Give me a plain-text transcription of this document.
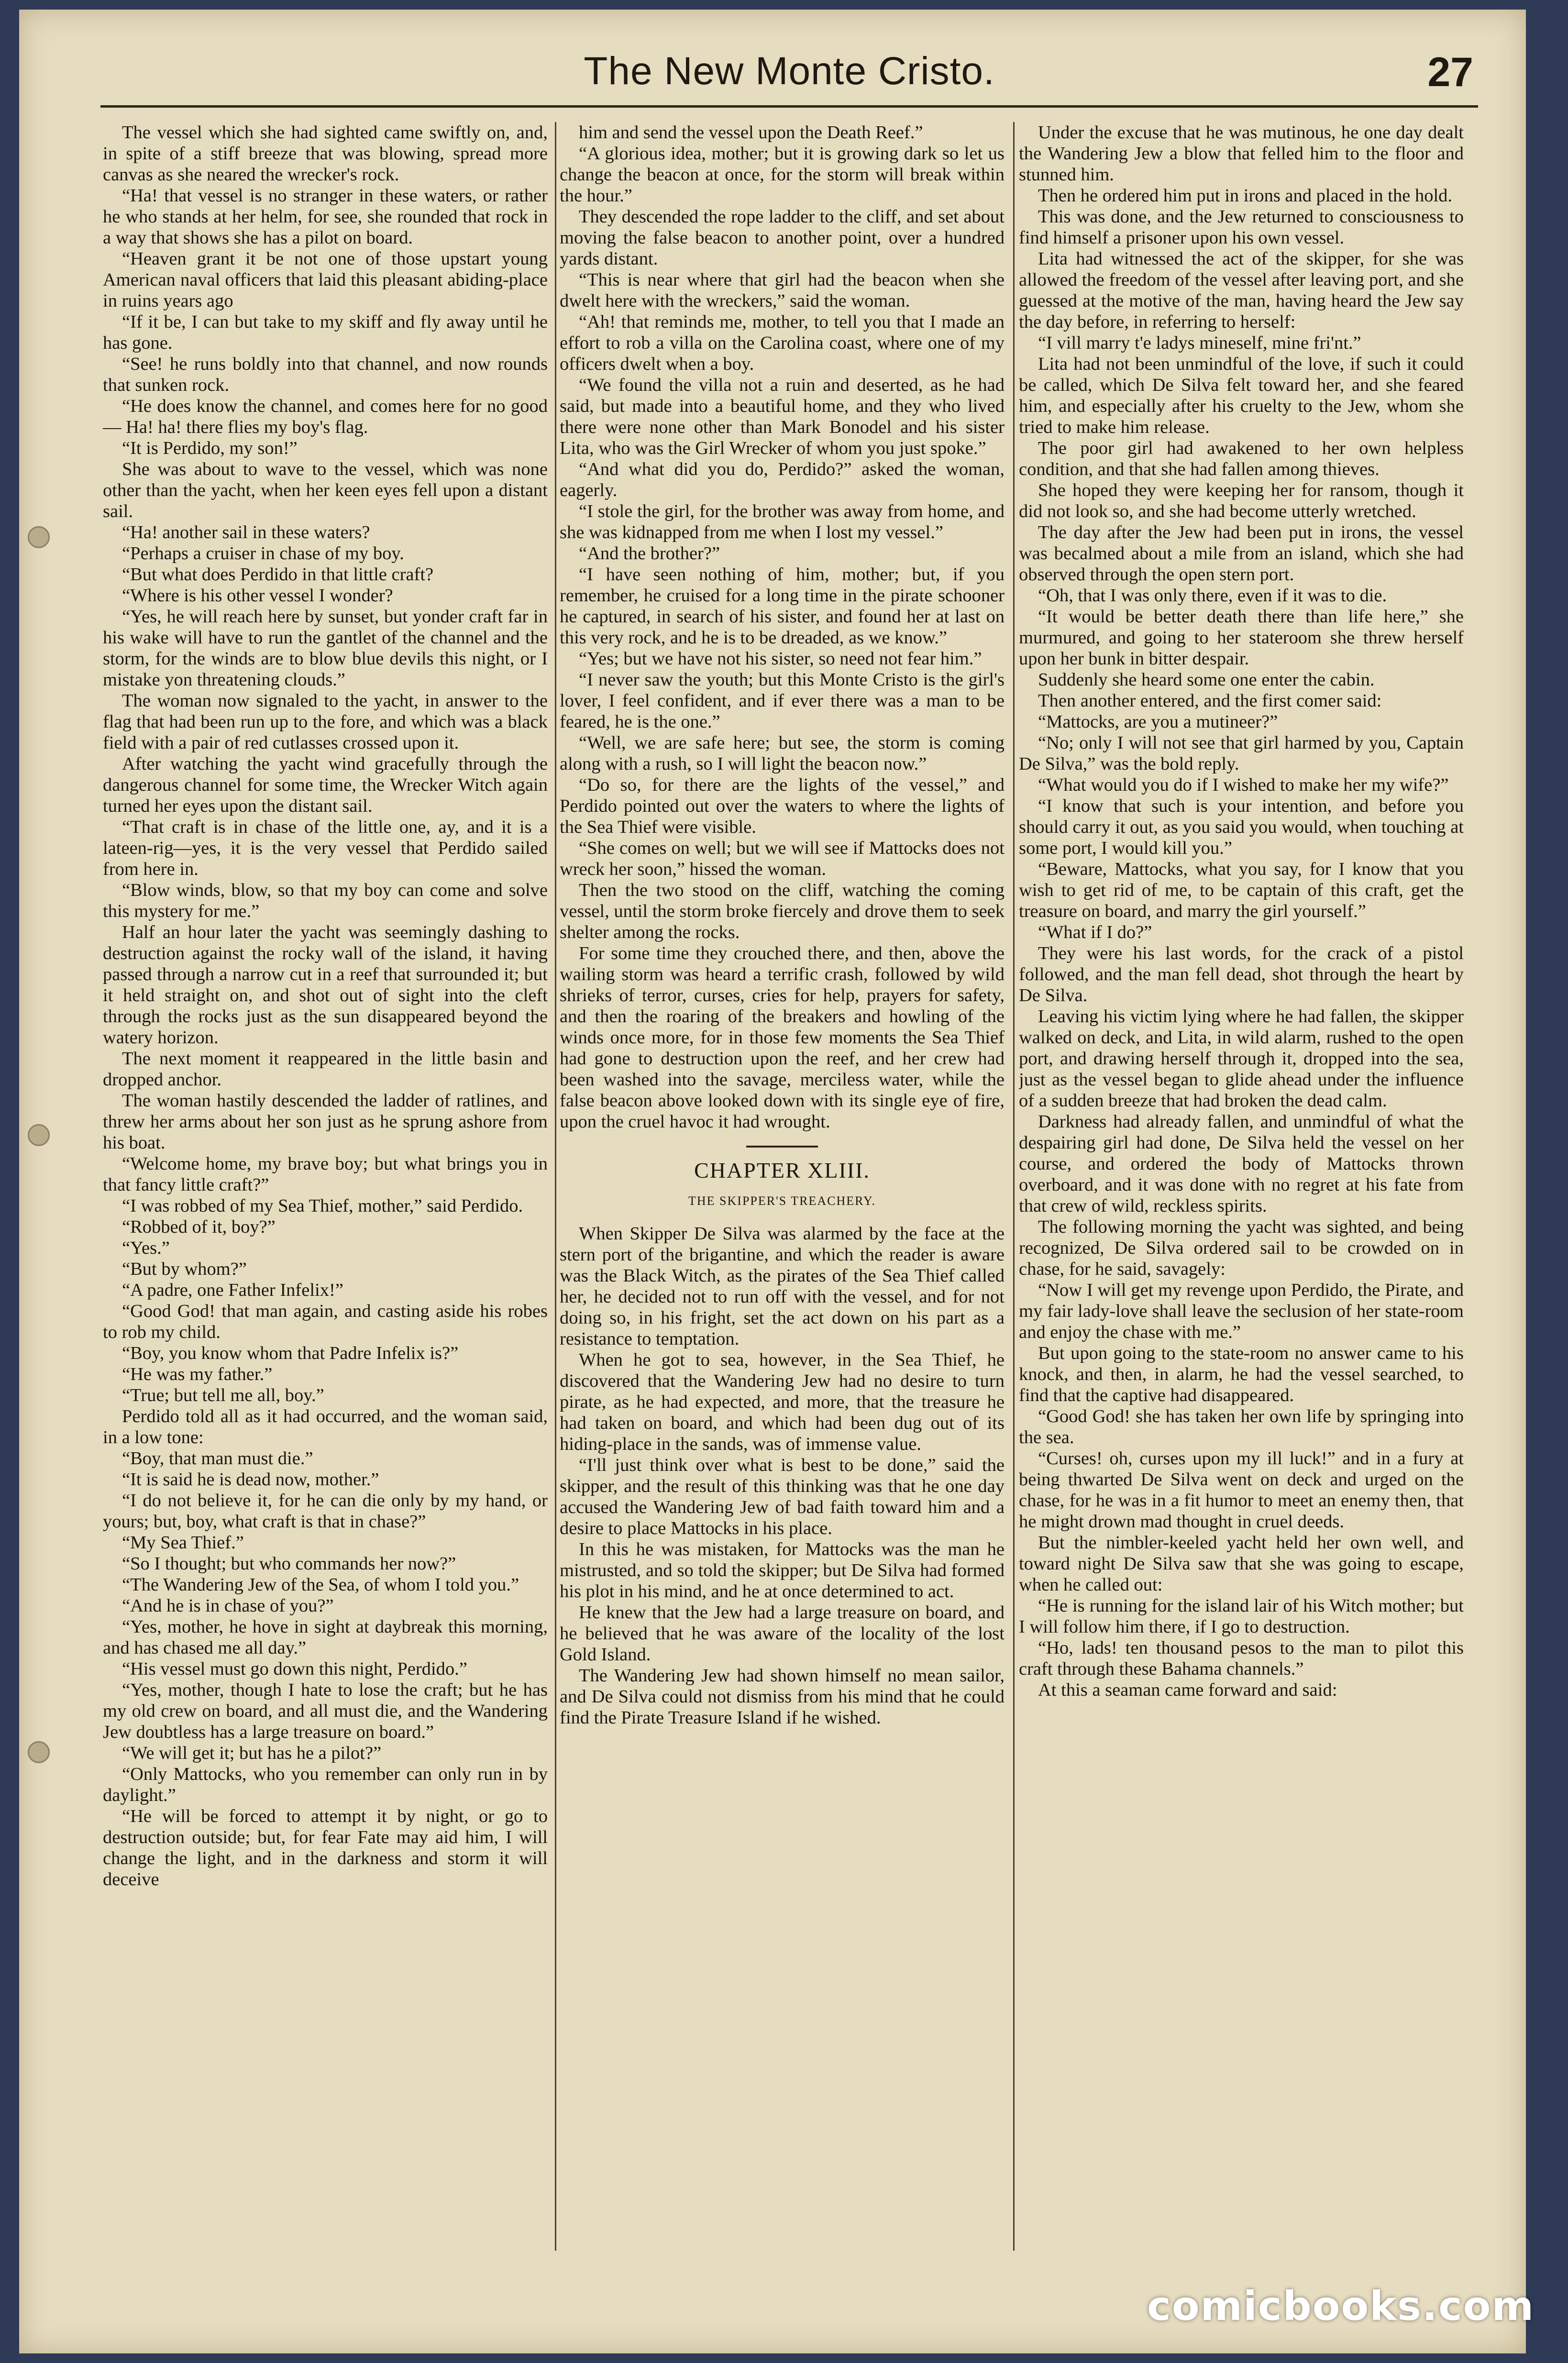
The New Monte Cristo.	27

The vessel which she had sighted came swiftly on, and, in spite of a stiff breeze that was blowing, spread more canvas as she neared the wrecker's rock.

“Ha! that vessel is no stranger in these waters, or rather he who stands at her helm, for see, she rounded that rock in a way that shows she has a pilot on board.

“Heaven grant it be not one of those upstart young American naval officers that laid this pleasant abiding-place in ruins years ago

“If it be, I can but take to my skiff and fly away until he has gone.

“See! he runs boldly into that channel, and now rounds that sunken rock.

“He does know the channel, and comes here for no good— Ha! ha! there flies my boy's flag.

“It is Perdido, my son!”

She was about to wave to the vessel, which was none other than the yacht, when her keen eyes fell upon a distant sail.

“Ha! another sail in these waters?

“Perhaps a cruiser in chase of my boy.

“But what does Perdido in that little craft?

“Where is his other vessel I wonder?

“Yes, he will reach here by sunset, but yonder craft far in his wake will have to run the gantlet of the channel and the storm, for the winds are to blow blue devils this night, or I mistake yon threatening clouds.”

The woman now signaled to the yacht, in answer to the flag that had been run up to the fore, and which was a black field with a pair of red cutlasses crossed upon it.

After watching the yacht wind gracefully through the dangerous channel for some time, the Wrecker Witch again turned her eyes upon the distant sail.

“That craft is in chase of the little one, ay, and it is a lateen-rig—yes, it is the very vessel that Perdido sailed from here in.

“Blow winds, blow, so that my boy can come and solve this mystery for me.”

Half an hour later the yacht was seemingly dashing to destruction against the rocky wall of the island, it having passed through a narrow cut in a reef that surrounded it; but it held straight on, and shot out of sight into the cleft through the rocks just as the sun disappeared beyond the watery horizon.

The next moment it reappeared in the little basin and dropped anchor.

The woman hastily descended the ladder of ratlines, and threw her arms about her son just as he sprung ashore from his boat.

“Welcome home, my brave boy; but what brings you in that fancy little craft?”

“I was robbed of my Sea Thief, mother,” said Perdido.

“Robbed of it, boy?”

“Yes.”

“But by whom?”

“A padre, one Father Infelix!”

“Good God! that man again, and casting aside his robes to rob my child.

“Boy, you know whom that Padre Infelix is?”

“He was my father.”

“True; but tell me all, boy.”

Perdido told all as it had occurred, and the woman said, in a low tone:

“Boy, that man must die.”

“It is said he is dead now, mother.”

“I do not believe it, for he can die only by my hand, or yours; but, boy, what craft is that in chase?”

“My Sea Thief.”

“So I thought; but who commands her now?”

“The Wandering Jew of the Sea, of whom I told you.”

“And he is in chase of you?”

“Yes, mother, he hove in sight at daybreak this morning, and has chased me all day.”

“His vessel must go down this night, Perdido.”

“Yes, mother, though I hate to lose the craft; but he has my old crew on board, and all must die, and the Wandering Jew doubtless has a large treasure on board.”

“We will get it; but has he a pilot?”

“Only Mattocks, who you remember can only run in by daylight.”

“He will be forced to attempt it by night, or go to destruction outside; but, for fear Fate may aid him, I will change the light, and in the darkness and storm it will deceive

him and send the vessel upon the Death Reef.”

“A glorious idea, mother; but it is growing dark so let us change the beacon at once, for the storm will break within the hour.”

They descended the rope ladder to the cliff, and set about moving the false beacon to another point, over a hundred yards distant.

“This is near where that girl had the beacon when she dwelt here with the wreckers,” said the woman.

“Ah! that reminds me, mother, to tell you that I made an effort to rob a villa on the Carolina coast, where one of my officers dwelt when a boy.

“We found the villa not a ruin and deserted, as he had said, but made into a beautiful home, and they who lived there were none other than Mark Bonodel and his sister Lita, who was the Girl Wrecker of whom you just spoke.”

“And what did you do, Perdido?” asked the woman, eagerly.

“I stole the girl, for the brother was away from home, and she was kidnapped from me when I lost my vessel.”

“And the brother?”

“I have seen nothing of him, mother; but, if you remember, he cruised for a long time in the pirate schooner he captured, in search of his sister, and found her at last on this very rock, and he is to be dreaded, as we know.”

“Yes; but we have not his sister, so need not fear him.”

“I never saw the youth; but this Monte Cristo is the girl's lover, I feel confident, and if ever there was a man to be feared, he is the one.”

“Well, we are safe here; but see, the storm is coming along with a rush, so I will light the beacon now.”

“Do so, for there are the lights of the vessel,” and Perdido pointed out over the waters to where the lights of the Sea Thief were visible.

“She comes on well; but we will see if Mattocks does not wreck her soon,” hissed the woman.

Then the two stood on the cliff, watching the coming vessel, until the storm broke fiercely and drove them to seek shelter among the rocks.

For some time they crouched there, and then, above the wailing storm was heard a terrific crash, followed by wild shrieks of terror, curses, cries for help, prayers for safety, and then the roaring of the breakers and howling of the winds once more, for in those few moments the Sea Thief had gone to destruction upon the reef, and her crew had been washed into the savage, merciless water, while the false beacon above looked down with its single eye of fire, upon the cruel havoc it had wrought.

CHAPTER XLIII.
THE SKIPPER'S TREACHERY.

When Skipper De Silva was alarmed by the face at the stern port of the brigantine, and which the reader is aware was the Black Witch, as the pirates of the Sea Thief called her, he decided not to run off with the vessel, and for not doing so, in his fright, set the act down on his part as a resistance to temptation.

When he got to sea, however, in the Sea Thief, he discovered that the Wandering Jew had no desire to turn pirate, as he had expected, and more, that the treasure he had taken on board, and which had been dug out of its hiding-place in the sands, was of immense value.

“I'll just think over what is best to be done,” said the skipper, and the result of this thinking was that he one day accused the Wandering Jew of bad faith toward him and a desire to place Mattocks in his place.

In this he was mistaken, for Mattocks was the man he mistrusted, and so told the skipper; but De Silva had formed his plot in his mind, and he at once determined to act.

He knew that the Jew had a large treasure on board, and he believed that he was aware of the locality of the lost Gold Island.

The Wandering Jew had shown himself no mean sailor, and De Silva could not dismiss from his mind that he could find the Pirate Treasure Island if he wished.

Under the excuse that he was mutinous, he one day dealt the Wandering Jew a blow that felled him to the floor and stunned him.

Then he ordered him put in irons and placed in the hold.

This was done, and the Jew returned to consciousness to find himself a prisoner upon his own vessel.

Lita had witnessed the act of the skipper, for she was allowed the freedom of the vessel after leaving port, and she guessed at the motive of the man, having heard the Jew say the day before, in referring to herself:

“I vill marry t'e ladys mineself, mine fri'nt.”

Lita had not been unmindful of the love, if such it could be called, which De Silva felt toward her, and she feared him, and especially after his cruelty to the Jew, whom she tried to make him release.

The poor girl had awakened to her own helpless condition, and that she had fallen among thieves.

She hoped they were keeping her for ransom, though it did not look so, and she had become utterly wretched.

The day after the Jew had been put in irons, the vessel was becalmed about a mile from an island, which she had observed through the open stern port.

“Oh, that I was only there, even if it was to die.

“It would be better death there than life here,” she murmured, and going to her stateroom she threw herself upon her bunk in bitter despair.

Suddenly she heard some one enter the cabin.

Then another entered, and the first comer said:

“Mattocks, are you a mutineer?”

“No; only I will not see that girl harmed by you, Captain De Silva,” was the bold reply.

“What would you do if I wished to make her my wife?”

“I know that such is your intention, and before you should carry it out, as you said you would, when touching at some port, I would kill you.”

“Beware, Mattocks, what you say, for I know that you wish to get rid of me, to be captain of this craft, get the treasure on board, and marry the girl yourself.”

“What if I do?”

They were his last words, for the crack of a pistol followed, and the man fell dead, shot through the heart by De Silva.

Leaving his victim lying where he had fallen, the skipper walked on deck, and Lita, in wild alarm, rushed to the open port, and drawing herself through it, dropped into the sea, just as the vessel began to glide ahead under the influence of a sudden breeze that had broken the dead calm.

Darkness had already fallen, and unmindful of what the despairing girl had done, De Silva held the vessel on her course, and ordered the body of Mattocks thrown overboard, and it was done with no regret at his fate from that crew of wild, reckless spirits.

The following morning the yacht was sighted, and being recognized, De Silva ordered sail to be crowded on in chase, for he said, savagely:

“Now I will get my revenge upon Perdido, the Pirate, and my fair lady-love shall leave the seclusion of her state-room and enjoy the chase with me.”

But upon going to the state-room no answer came to his knock, and then, in alarm, he had the vessel searched, to find that the captive had disappeared.

“Good God! she has taken her own life by springing into the sea.

“Curses! oh, curses upon my ill luck!” and in a fury at being thwarted De Silva went on deck and urged on the chase, for he was in a fit humor to meet an enemy then, that he might drown mad thought in cruel deeds.

But the nimbler-keeled yacht held her own well, and toward night De Silva saw that she was going to escape, when he called out:

“He is running for the island lair of his Witch mother; but I will follow him there, if I go to destruction.

“Ho, lads! ten thousand pesos to the man to pilot this craft through these Bahama channels.”

At this a seaman came forward and said:

comicbooks.com
